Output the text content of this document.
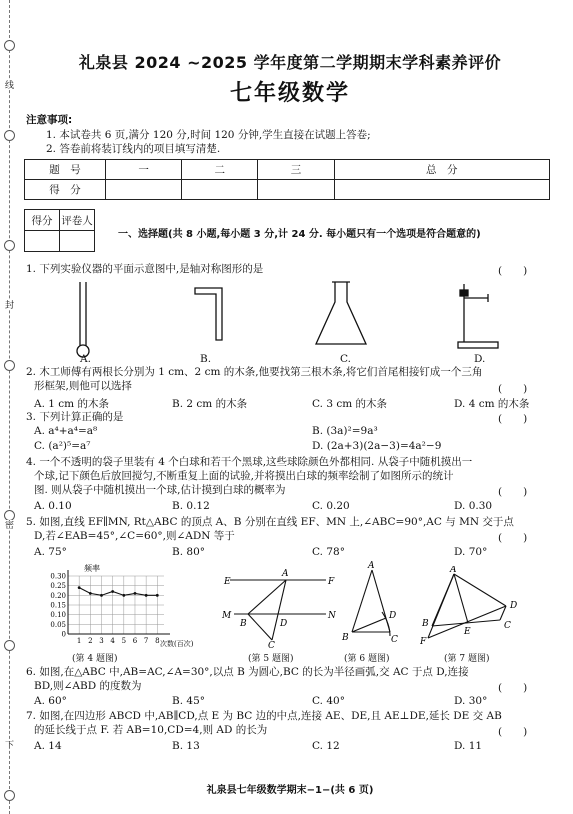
线
封
密
下
礼泉县 2024 ~2025 学年度第二学期期末学科素养评价
七年级数学
注意事项:
1. 本试卷共 6 页,满分 120 分,时间 120 分钟,学生直接在试题上答卷;
2. 答卷前将装订线内的项目填写清楚.
题　号	一	二	三	总　分
得　分				
得分	评卷人

一、选择题(共 8 小题,每小题 3 分,计 24 分. 每小题只有一个选项是符合题意的)
1. 下列实验仪器的平面示意图中,是轴对称图形的是	(　　)
A.	B.	C.	D.
2. 木工师傅有两根长分别为 1 cm、2 cm 的木条,他要找第三根木条,将它们首尾相接钉成一个三角
形框架,则他可以选择	(　　)
A. 1 cm 的木条	B. 2 cm 的木条	C. 3 cm 的木条	D. 4 cm 的木条
3. 下列计算正确的是	(　　)
A. a⁴+a⁴=a⁸	B. (3a)²=9a³
C. (a²)⁵=a⁷	D. (2a+3)(2a−3)=4a²−9
4. 一个不透明的袋子里装有 4 个白球和若干个黑球,这些球除颜色外都相同. 从袋子中随机摸出一
个球,记下颜色后放回搅匀,不断重复上面的试验,并将摸出白球的频率绘制了如图所示的统计
图. 则从袋子中随机摸出一个球,估计摸到白球的概率为	(　　)
A. 0.10	B. 0.12	C. 0.20	D. 0.30
5. 如图,直线 EF∥MN, Rt△ABC 的顶点 A、B 分别在直线 EF、MN 上,∠ABC=90°,AC 与 MN 交于点
D,若∠EAB=45°,∠C=60°,则∠ADN 等于	(　　)
A. 75°	B. 80°	C. 78°	D. 70°
频率
次数(百次)
0.30
0.25
0.20
0.15
0.10
0.05
0
1 2 3 4 5 6 7 8
(第 4 题图)
E
A
F
M
B	D
N
C
(第 5 题图)
A
D
B	C
(第 6 题图)
A
D
E
B	C
F
(第 7 题图)
6. 如图,在△ABC 中,AB=AC,∠A=30°,以点 B 为圆心,BC 的长为半径画弧,交 AC 于点 D,连接
BD,则∠ABD 的度数为	(　　)
A. 60°	B. 45°	C. 40°	D. 30°
7. 如图,在四边形 ABCD 中,AB∥CD,点 E 为 BC 边的中点,连接 AE、DE,且 AE⊥DE,延长 DE 交 AB
的延长线于点 F. 若 AB=10,CD=4,则 AD 的长为	(　　)
A. 14	B. 13	C. 12	D. 11
礼泉县七年级数学期末−1−(共 6 页)
